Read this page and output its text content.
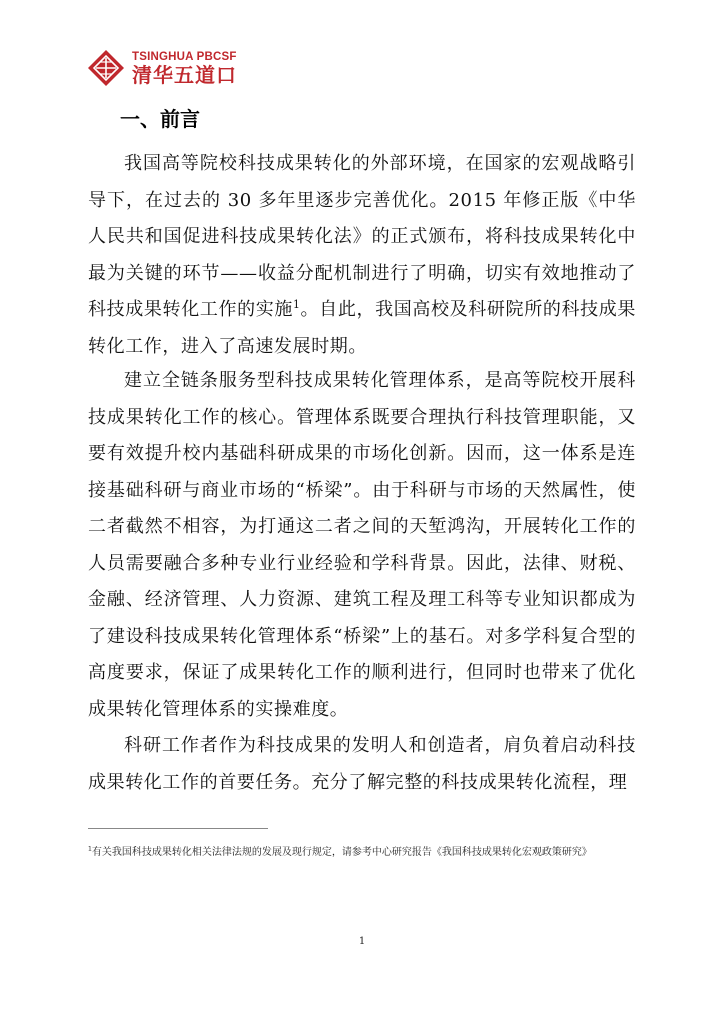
TSINGHUA PBCSF
清华五道口
一、前言

我国高等院校科技成果转化的外部环境，在国家的宏观战略引导下，在过去的 30 多年里逐步完善优化。2015 年修正版《中华人民共和国促进科技成果转化法》的正式颁布，将科技成果转化中最为关键的环节——收益分配机制进行了明确，切实有效地推动了科技成果转化工作的实施$^1$。自此，我国高校及科研院所的科技成果转化工作，进入了高速发展时期。

建立全链条服务型科技成果转化管理体系，是高等院校开展科技成果转化工作的核心。管理体系既要合理执行科技管理职能，又要有效提升校内基础科研成果的市场化创新。因而，这一体系是连接基础科研与商业市场的“桥梁”。由于科研与市场的天然属性，使二者截然不相容，为打通这二者之间的天堑鸿沟，开展转化工作的人员需要融合多种专业行业经验和学科背景。因此，法律、财税、金融、经济管理、人力资源、建筑工程及理工科等专业知识都成为了建设科技成果转化管理体系“桥梁”上的基石。对多学科复合型的高度要求，保证了成果转化工作的顺利进行，但同时也带来了优化成果转化管理体系的实操难度。

科研工作者作为科技成果的发明人和创造者，肩负着启动科技成果转化工作的首要任务。充分了解完整的科技成果转化流程，理

$^1$有关我国科技成果转化相关法律法规的发展及现行规定，请参考中心研究报告《我国科技成果转化宏观政策研究》
1
